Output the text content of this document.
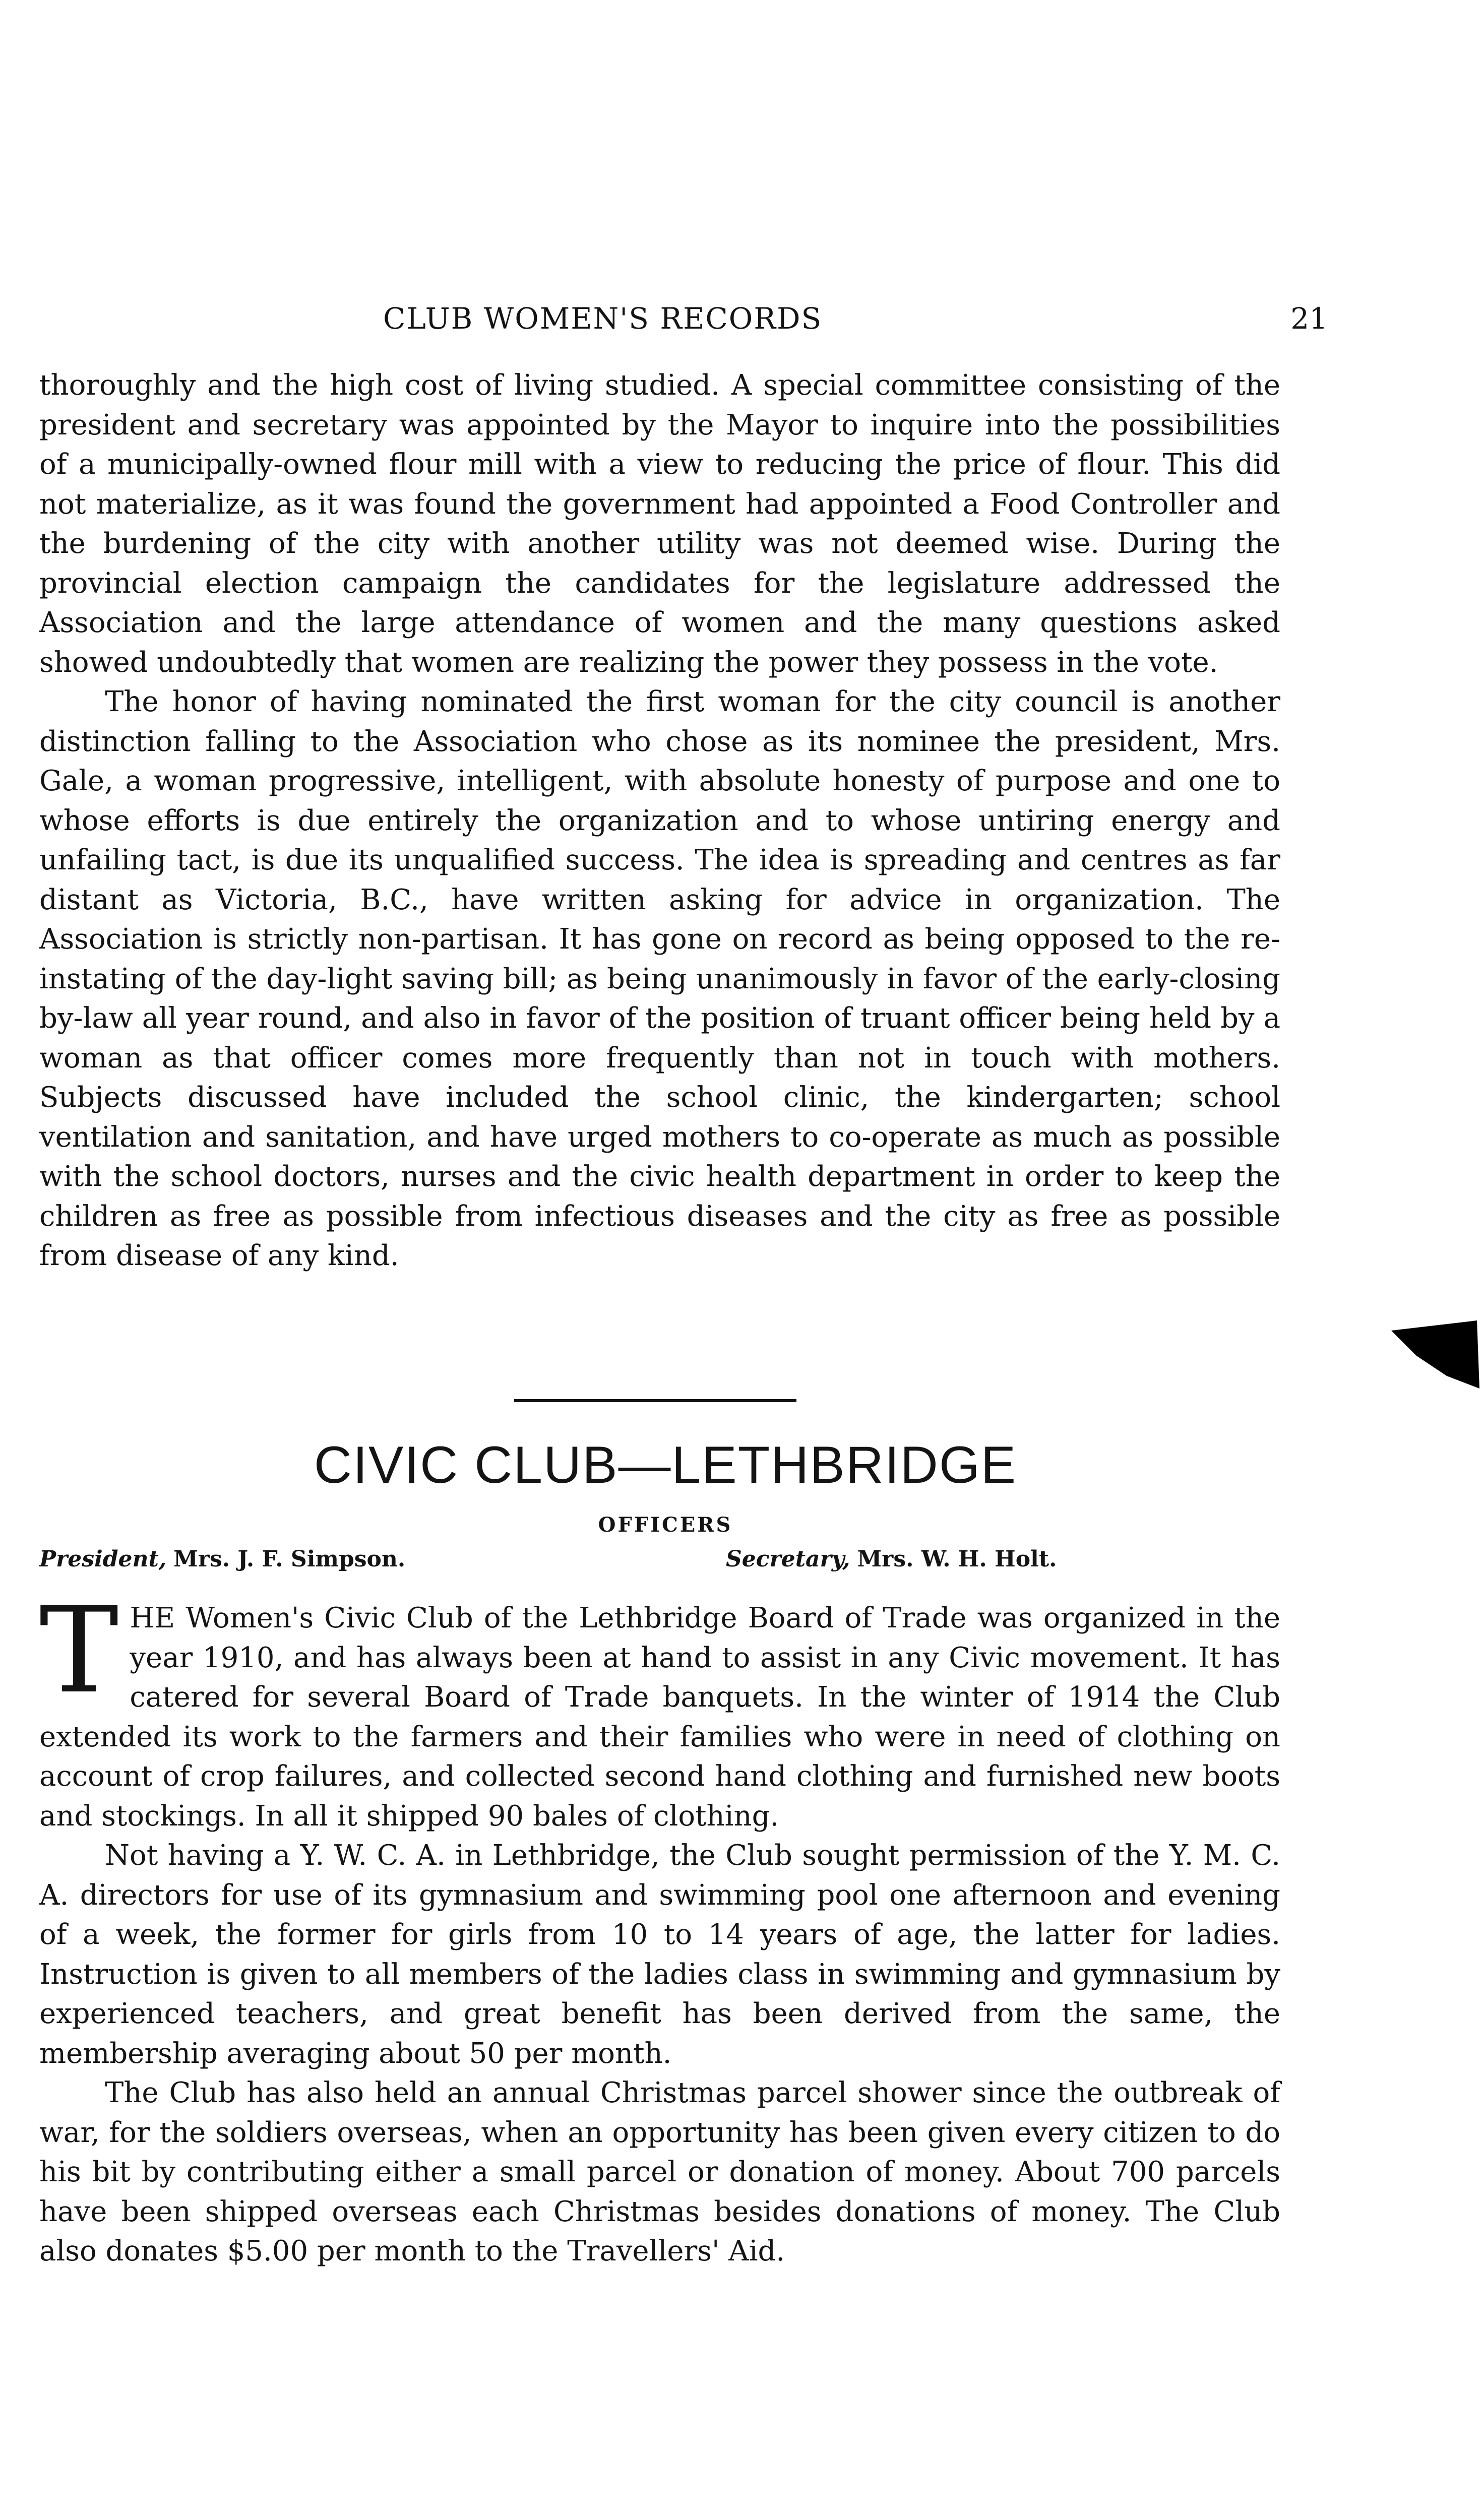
CLUB WOMEN'S RECORDS	21

thoroughly and the high cost of living studied. A special committee consisting of the president and secretary was appointed by the Mayor to inquire into the possibilities of a municipally-owned flour mill with a view to reducing the price of flour. This did not materialize, as it was found the government had appointed a Food Controller and the burdening of the city with another utility was not deemed wise. During the provincial election campaign the candidates for the legislature addressed the Association and the large attendance of women and the many questions asked showed undoubtedly that women are realizing the power they possess in the vote.

The honor of having nominated the first woman for the city council is another distinction falling to the Association who chose as its nominee the president, Mrs. Gale, a woman progressive, intelligent, with absolute honesty of purpose and one to whose efforts is due entirely the organization and to whose untiring energy and unfailing tact, is due its unqualified success. The idea is spreading and centres as far distant as Victoria, B.C., have written asking for advice in organization. The Association is strictly non-partisan. It has gone on record as being opposed to the re-instating of the day-light saving bill; as being unanimously in favor of the early-closing by-law all year round, and also in favor of the position of truant officer being held by a woman as that officer comes more frequently than not in touch with mothers. Subjects discussed have included the school clinic, the kindergarten; school ventilation and sanitation, and have urged mothers to co-operate as much as possible with the school doctors, nurses and the civic health department in order to keep the children as free as possible from infectious diseases and the city as free as possible from disease of any kind.

CIVIC CLUB—LETHBRIDGE
OFFICERS
President, Mrs. J. F. Simpson.	Secretary, Mrs. W. H. Holt.

THE Women's Civic Club of the Lethbridge Board of Trade was organized in the year 1910, and has always been at hand to assist in any Civic movement. It has catered for several Board of Trade banquets. In the winter of 1914 the Club extended its work to the farmers and their families who were in need of clothing on account of crop failures, and collected second hand clothing and furnished new boots and stockings. In all it shipped 90 bales of clothing.

Not having a Y. W. C. A. in Lethbridge, the Club sought permission of the Y. M. C. A. directors for use of its gymnasium and swimming pool one afternoon and evening of a week, the former for girls from 10 to 14 years of age, the latter for ladies. Instruction is given to all members of the ladies class in swimming and gymnasium by experienced teachers, and great benefit has been derived from the same, the membership averaging about 50 per month.

The Club has also held an annual Christmas parcel shower since the outbreak of war, for the soldiers overseas, when an opportunity has been given every citizen to do his bit by contributing either a small parcel or donation of money. About 700 parcels have been shipped overseas each Christmas besides donations of money. The Club also donates $5.00 per month to the Travellers' Aid.
